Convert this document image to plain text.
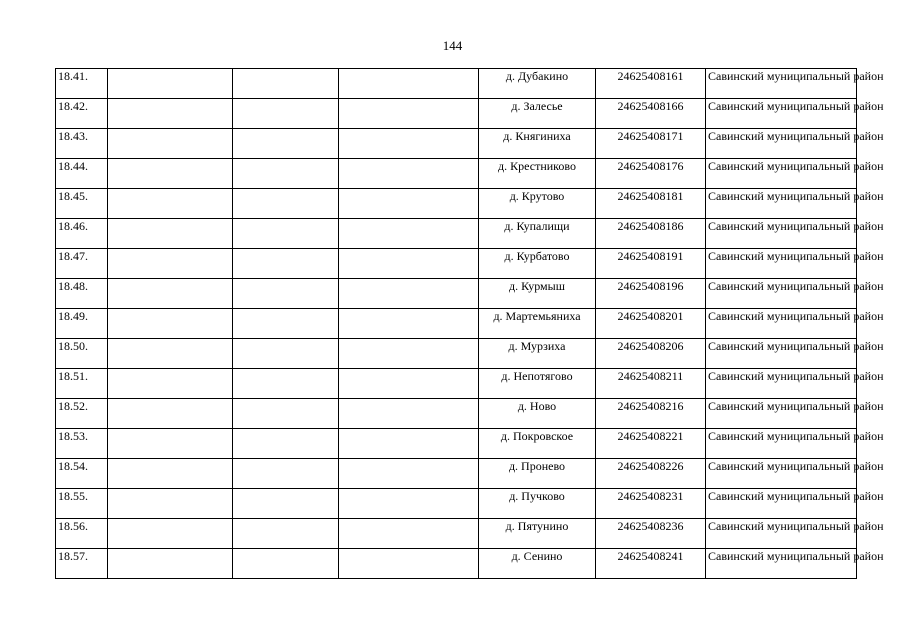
144
18.41.				д. Дубакино	24625408161	Савинский муниципальный район
18.42.				д. Залесье	24625408166	Савинский муниципальный район
18.43.				д. Княгиниха	24625408171	Савинский муниципальный район
18.44.				д. Крестниково	24625408176	Савинский муниципальный район
18.45.				д. Крутово	24625408181	Савинский муниципальный район
18.46.				д. Купалищи	24625408186	Савинский муниципальный район
18.47.				д. Курбатово	24625408191	Савинский муниципальный район
18.48.				д. Курмыш	24625408196	Савинский муниципальный район
18.49.				д. Мартемьяниха	24625408201	Савинский муниципальный район
18.50.				д. Мурзиха	24625408206	Савинский муниципальный район
18.51.				д. Непотягово	24625408211	Савинский муниципальный район
18.52.				д. Ново	24625408216	Савинский муниципальный район
18.53.				д. Покровское	24625408221	Савинский муниципальный район
18.54.				д. Пронево	24625408226	Савинский муниципальный район
18.55.				д. Пучково	24625408231	Савинский муниципальный район
18.56.				д. Пятунино	24625408236	Савинский муниципальный район
18.57.				д. Сенино	24625408241	Савинский муниципальный район
